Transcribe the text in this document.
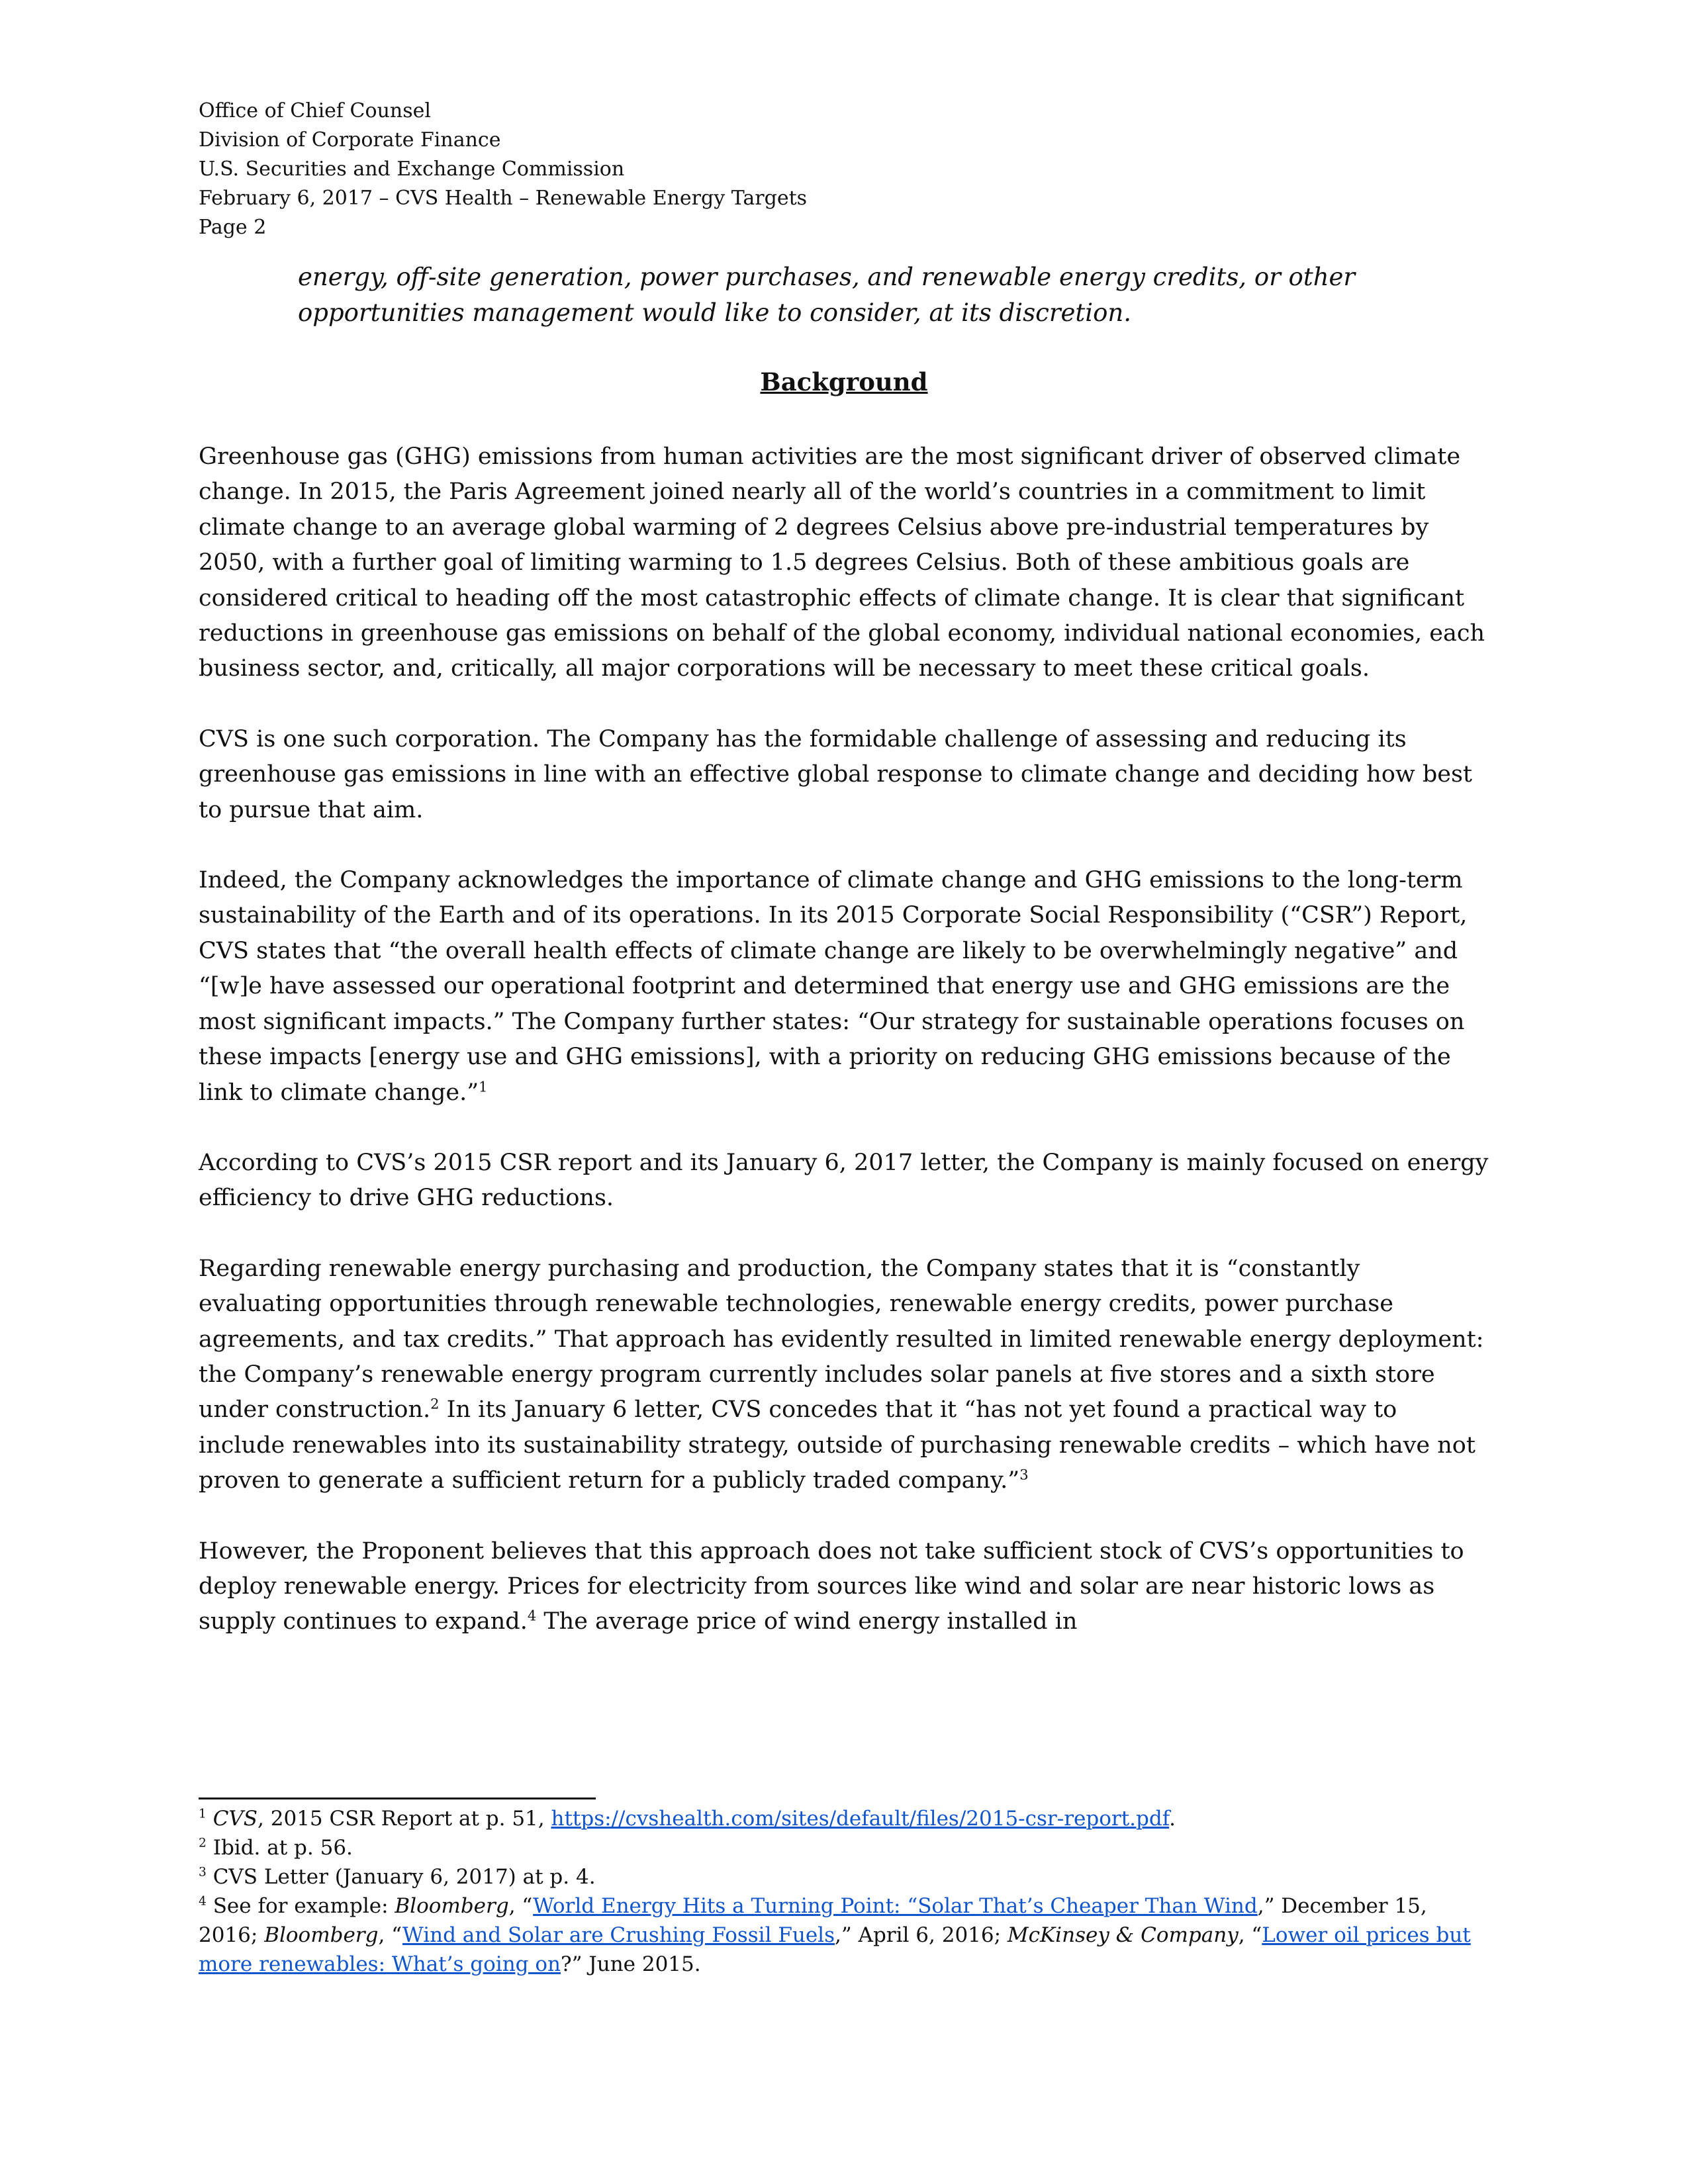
Office of Chief Counsel
Division of Corporate Finance
U.S. Securities and Exchange Commission
February 6, 2017 – CVS Health – Renewable Energy Targets
Page 2
energy, off-site generation, power purchases, and renewable energy credits, or other opportunities management would like to consider, at its discretion.
Background

Greenhouse gas (GHG) emissions from human activities are the most significant driver of observed climate change. In 2015, the Paris Agreement joined nearly all of the world’s countries in a commitment to limit climate change to an average global warming of 2 degrees Celsius above pre-industrial temperatures by 2050, with a further goal of limiting warming to 1.5 degrees Celsius. Both of these ambitious goals are considered critical to heading off the most catastrophic effects of climate change. It is clear that significant reductions in greenhouse gas emissions on behalf of the global economy, individual national economies, each business sector, and, critically, all major corporations will be necessary to meet these critical goals.

CVS is one such corporation. The Company has the formidable challenge of assessing and reducing its greenhouse gas emissions in line with an effective global response to climate change and deciding how best to pursue that aim.

Indeed, the Company acknowledges the importance of climate change and GHG emissions to the long-term sustainability of the Earth and of its operations. In its 2015 Corporate Social Responsibility (“CSR”) Report, CVS states that “the overall health effects of climate change are likely to be overwhelmingly negative” and “[w]e have assessed our operational footprint and determined that energy use and GHG emissions are the most significant impacts.” The Company further states: “Our strategy for sustainable operations focuses on these impacts [energy use and GHG emissions], with a priority on reducing GHG emissions because of the link to climate change.”$^1$

According to CVS’s 2015 CSR report and its January 6, 2017 letter, the Company is mainly focused on energy efficiency to drive GHG reductions.

Regarding renewable energy purchasing and production, the Company states that it is “constantly evaluating opportunities through renewable technologies, renewable energy credits, power purchase agreements, and tax credits.” That approach has evidently resulted in limited renewable energy deployment: the Company’s renewable energy program currently includes solar panels at five stores and a sixth store under construction.$^2$ In its January 6 letter, CVS concedes that it “has not yet found a practical way to include renewables into its sustainability strategy, outside of purchasing renewable credits – which have not proven to generate a sufficient return for a publicly traded company.”$^3$

However, the Proponent believes that this approach does not take sufficient stock of CVS’s opportunities to deploy renewable energy. Prices for electricity from sources like wind and solar are near historic lows as supply continues to expand.$^4$ The average price of wind energy installed in

$^1$ CVS, 2015 CSR Report at p. 51, https://cvshealth.com/sites/default/files/2015-csr-report.pdf.

$^2$ Ibid. at p. 56.

$^3$ CVS Letter (January 6, 2017) at p. 4.

$^4$ See for example: Bloomberg, “World Energy Hits a Turning Point: “Solar That’s Cheaper Than Wind,” December 15, 2016; Bloomberg, “Wind and Solar are Crushing Fossil Fuels,” April 6, 2016; McKinsey & Company, “Lower oil prices but more renewables: What’s going on?” June 2015.
